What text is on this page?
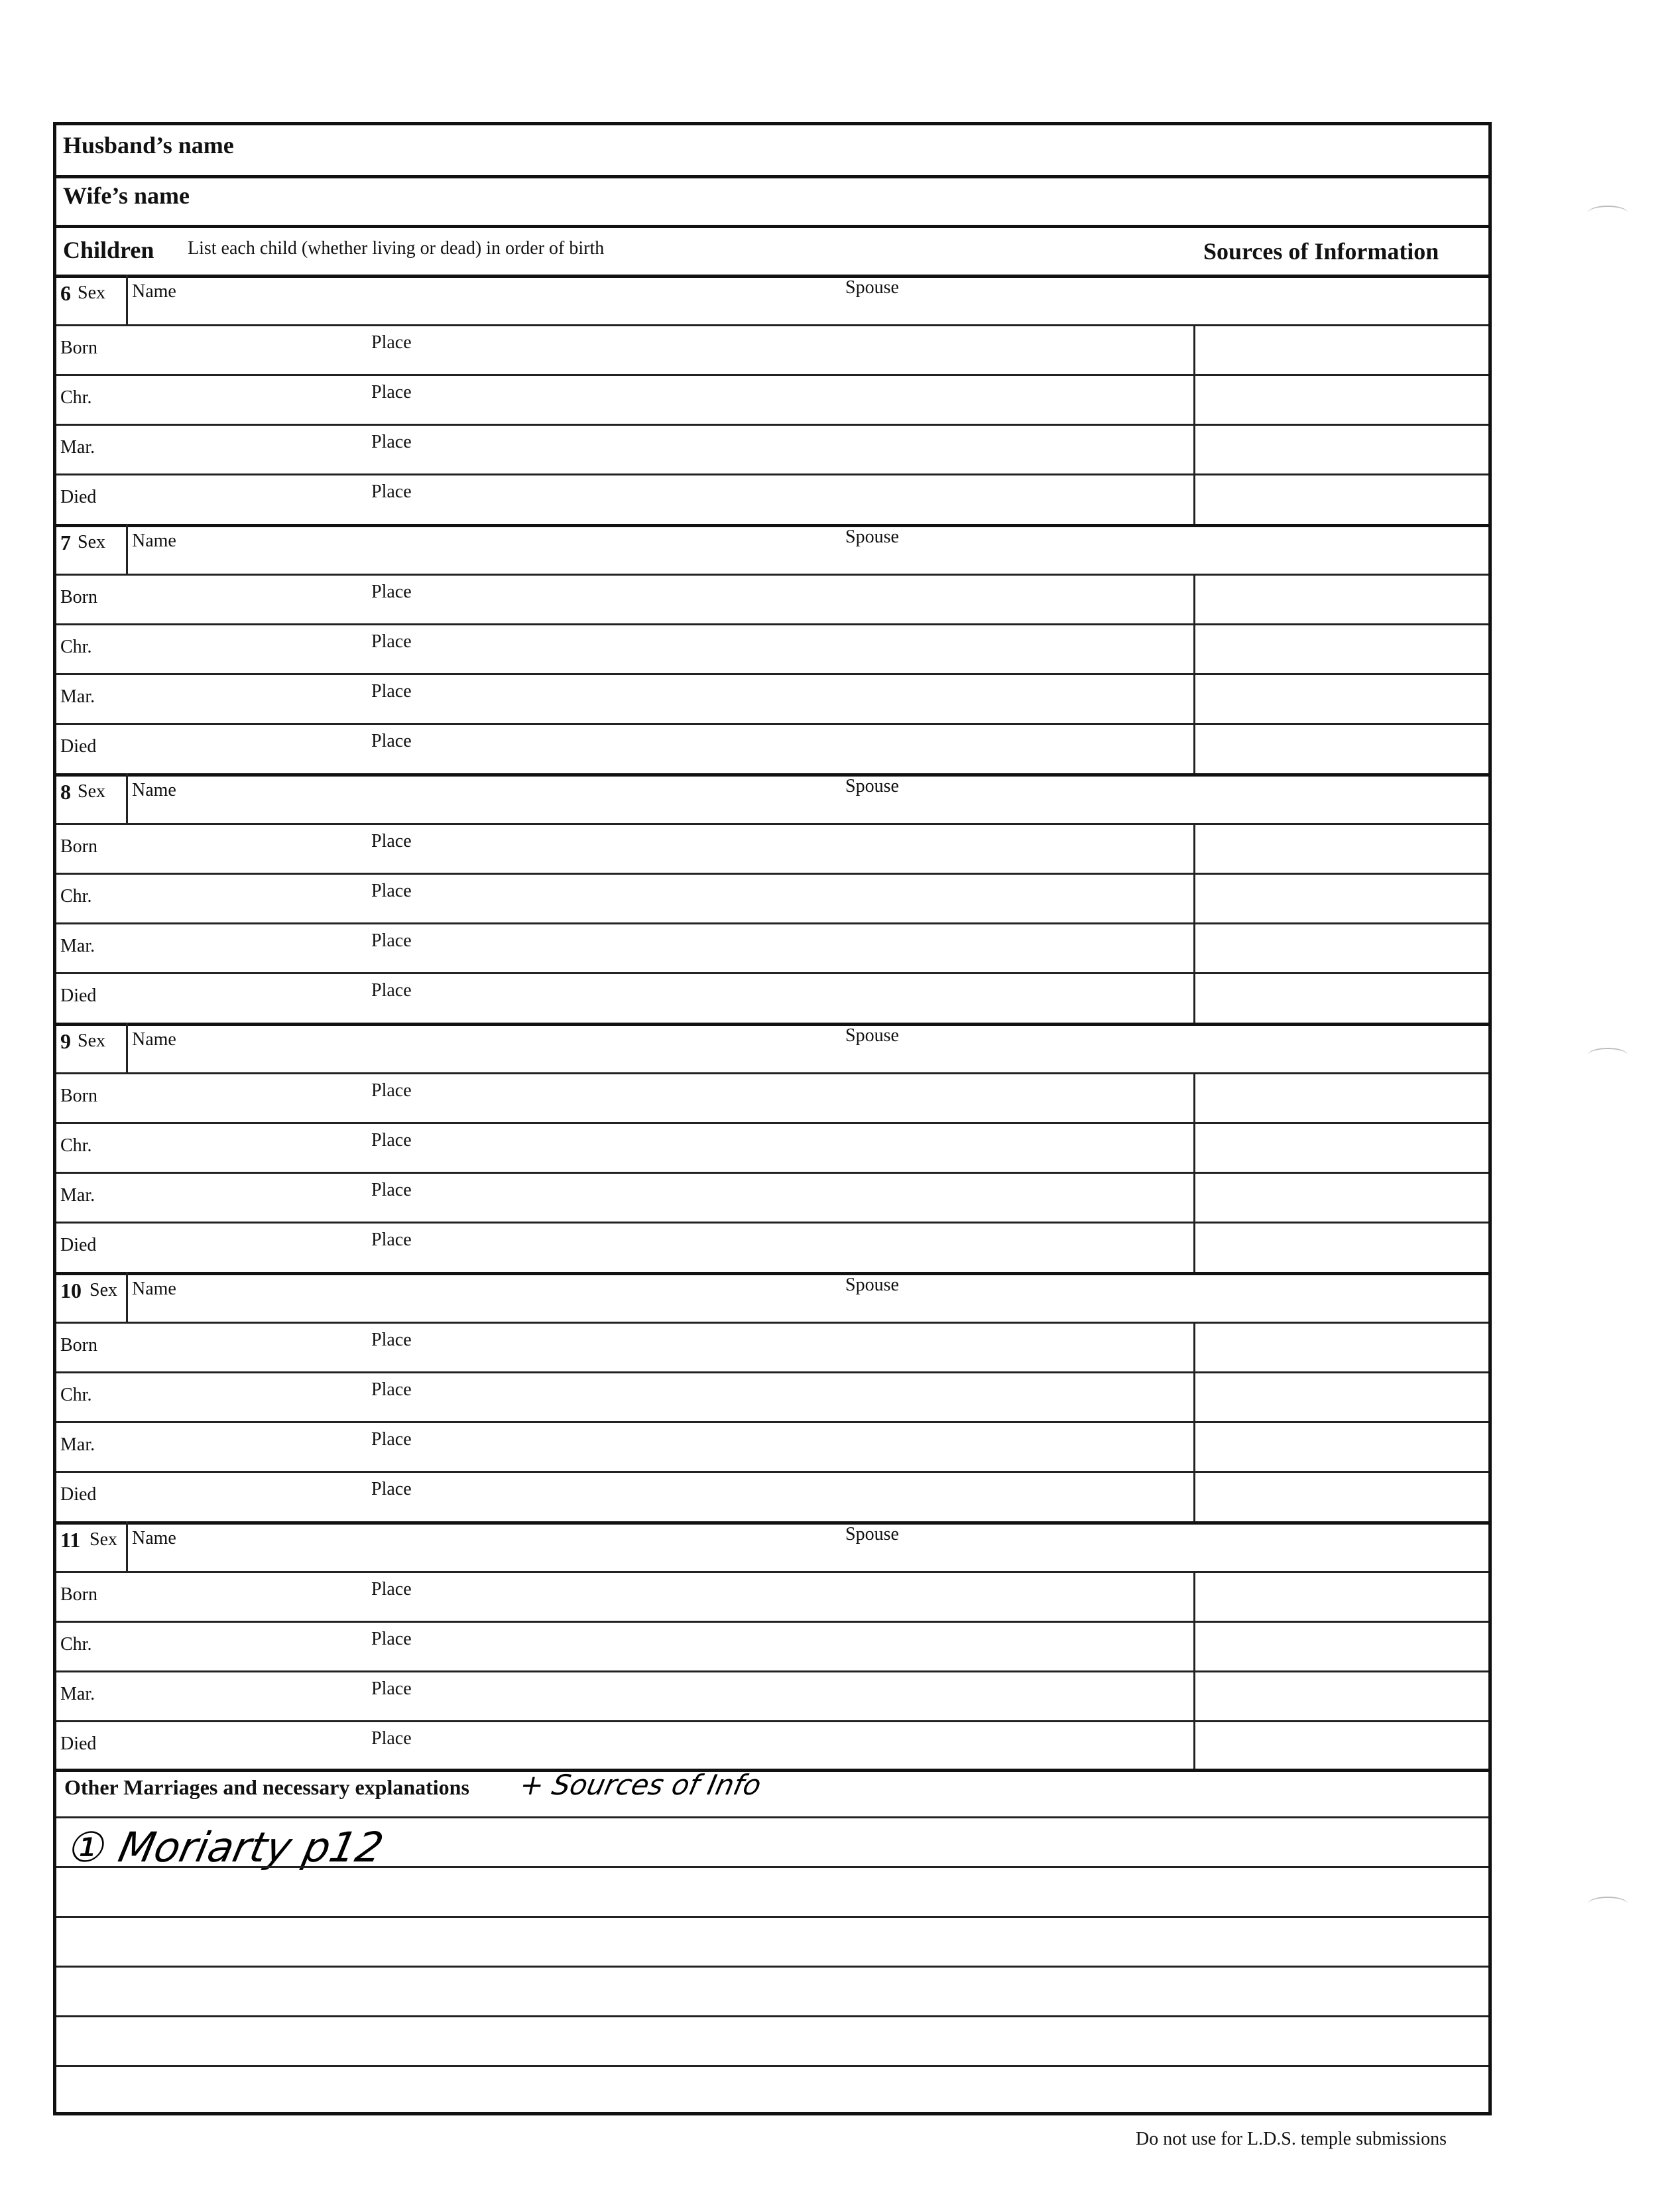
Husband’s name
Wife’s name
Children List each child (whether living or dead) in order of birth	Sources of Information
6 Sex Name	Spouse
Born	Place
Chr.	Place
Mar.	Place
Died	Place
7 Sex Name	Spouse
Born	Place
Chr.	Place
Mar.	Place
Died	Place
8 Sex Name	Spouse
Born	Place
Chr.	Place
Mar.	Place
Died	Place
9 Sex Name	Spouse
Born	Place
Chr.	Place
Mar.	Place
Died	Place
10 Sex Name	Spouse
Born	Place
Chr.	Place
Mar.	Place
Died	Place
11 Sex Name	Spouse
Born	Place
Chr.	Place
Mar.	Place
Died	Place
Other Marriages and necessary explanations + Sources of Info
① Moriarty p12
Do not use for L.D.S. temple submissions
